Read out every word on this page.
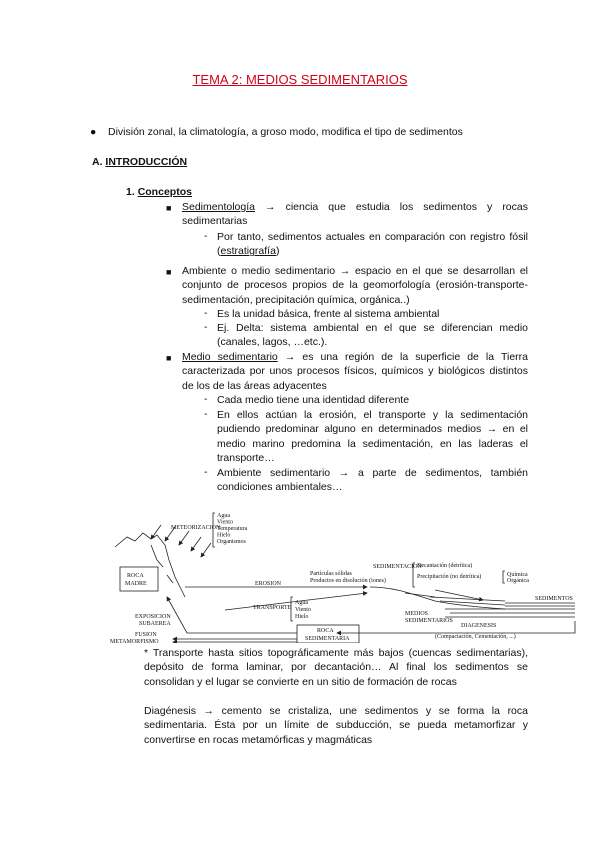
TEMA 2: MEDIOS SEDIMENTARIOS
● División zonal, la climatología, a groso modo, modifica el tipo de sedimentos
A. INTRODUCCIÓN
1. Conceptos
■ Sedimentología → ciencia que estudia los sedimentos y rocas sedimentarias
- Por tanto, sedimentos actuales en comparación con registro fósil (estratigrafía)
■ Ambiente o medio sedimentario → espacio en el que se desarrollan el conjunto de procesos propios de la geomorfología (erosión-transporte-sedimentación, precipitación química, orgánica..)
- Es la unidad básica, frente al sistema ambiental
- Ej. Delta: sistema ambiental en el que se diferencian medio (canales, lagos, …etc.).
■ Medio sedimentario → es una región de la superficie de la Tierra caracterizada por unos procesos físicos, químicos y biológicos distintos de los de las áreas adyacentes
- Cada medio tiene una identidad diferente
- En ellos actúan la erosión, el transporte y la sedimentación pudiendo predominar alguno en determinados medios → en el medio marino predomina la sedimentación, en las laderas el transporte…
- Ambiente sedimentario → a parte de sedimentos, también condiciones ambientales…
METEORIZACION
Agua
Viento
Temperatura
Hielo
Organismos
ROCA
MADRE	EROSION
Partículas sólidas
Productos en disolución (iones)
TRANSPORTE
Agua
Viento
Hielo
SEDIMENTACION
Decantación (detrítica)
Precipitación (no detrítica)	Química
Orgánica
SEDIMENTOS
MEDIOS
SEDIMENTARIOS
EXPOSICION
SUBAEREA
FUSION
METAMORFISMO
ROCA
SEDIMENTARIA
DIAGENESIS
(Compactación, Cementación, ...)
* Transporte hasta sitios topográficamente más bajos (cuencas sedimentarias), depósito de forma laminar, por decantación… Al final los sedimentos se consolidan y el lugar se convierte en un sitio de formación de rocas
Diagénesis → cemento se cristaliza, une sedimentos y se forma la roca sedimentaria. Ésta por un límite de subducción, se pueda metamorfizar y convertirse en rocas metamórficas y magmáticas
